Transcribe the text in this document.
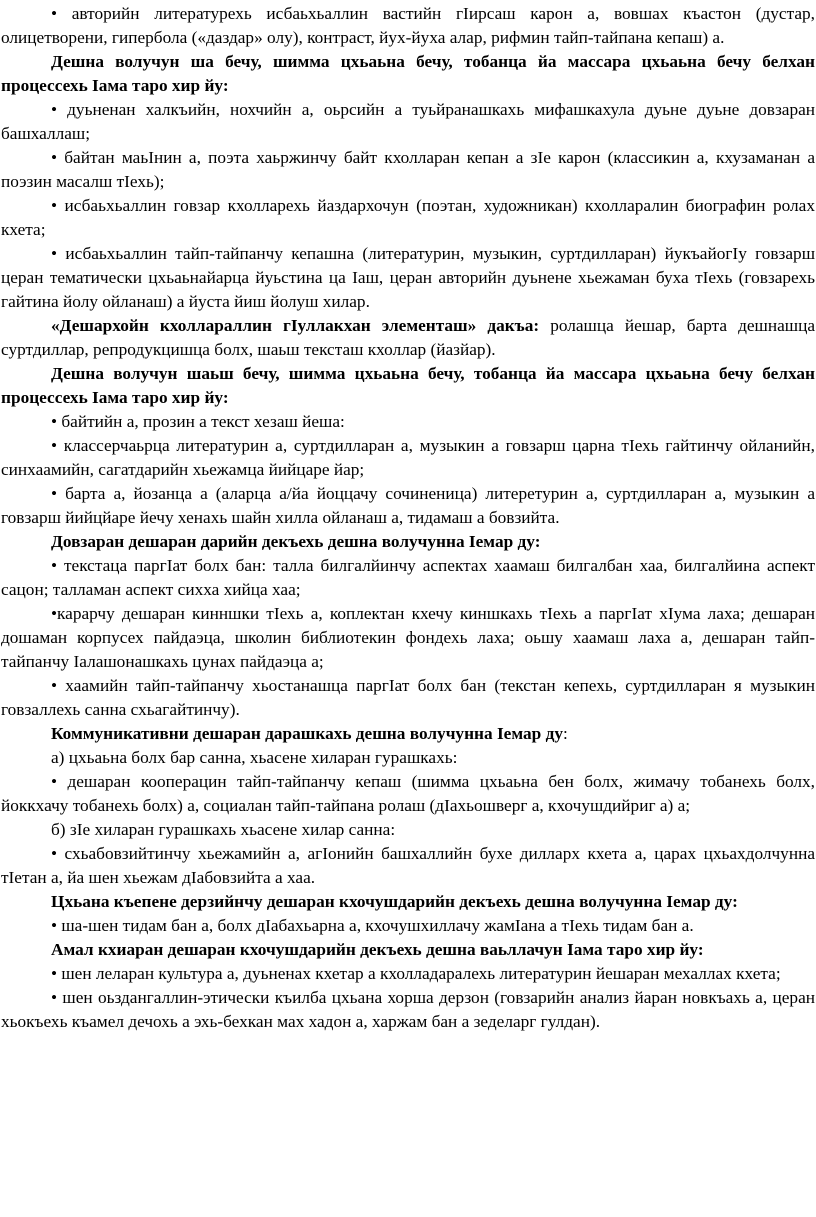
• авторийн литературехь исбаьхьаллин вастийн гӀирсаш карон а, вовшах къастон (дустар, олицетворени, гипербола («даздар» олу), контраст, йух-йуха алар, рифмин тайп-тайпана кепаш) а.

Дешна волучун ша бечу, шимма цхьаьна бечу, тобанца йа массара цхьаьна бечу белхан процессехь Ӏама таро хир йу:

• дуьненан халкъийн, нохчийн а, оьрсийн а туьйранашкахь мифашкахула дуьне дуьне довзаран башхаллаш;

• байтан маьӀнин а, поэта хаьржинчу байт кхолларан кепан а зӀе карон (классикин а, кхузаманан а поэзин масалш тӀехь);

• исбаьхьаллин говзар кхолларехь йаздархочун (поэтан, художникан) кхолларалин биографин ролах кхета;

• исбаьхьаллин тайп-тайпанчу кепашна (литературин, музыкин, суртдилларан) йукъайогӀу говзарш церан тематически цхьаьнайарца йуьстина ца Ӏаш, церан авторийн дуьнене хьежаман буха тӀехь (говзарехь гайтина йолу ойланаш) а йуста йиш йолуш хилар.

«Дешархойн кхоллараллин гӀуллакхан элементаш» дакъа: ролашца йешар, барта дешнашца суртдиллар, репродукцишца болх, шаьш тексташ кхоллар (йазйар).

Дешна волучун шаьш бечу, шимма цхьаьна бечу, тобанца йа массара цхьаьна бечу белхан процессехь Ӏама таро хир йу:

• байтийн а, прозин а текст хезаш йеша:

• классерчаьрца литературин а, суртдилларан а, музыкин а говзарш царна тӀехь гайтинчу ойланийн, синхаамийн, сагатдарийн хьежамца йийцаре йар;

• барта а, йозанца а (аларца а/йа йоццачу сочиненица) литеретурин а, суртдилларан а, музыкин а говзарш йийцйаре йечу хенахь шайн хилла ойланаш а, тидамаш а бовзийта.

Довзаран дешаран дарийн декъехь дешна волучунна Ӏемар ду:

• текстаца паргӀат болх бан: талла билгалйинчу аспектах хаамаш билгалбан хаа, билгалйина аспект сацон; талламан аспект сихха хийца хаа;

•карарчу дешаран кинншки тӀехь а, коплектан кхечу киншкахь тӀехь а паргӀат хӀума лаха; дешаран дошаман корпусех пайдаэца, школин библиотекин фондехь лаха; оьшу хаамаш лаха а, дешаран тайп-тайпанчу Ӏалашонашкахь цунах пайдаэца а;

• хаамийн тайп-тайпанчу хьостанашца паргӀат болх бан (текстан кепехь, суртдилларан я музыкин говзаллехь санна схьагайтинчу).

Коммуникативни дешаран дарашкахь дешна волучунна Ӏемар ду:

а) цхьаьна болх бар санна, хьасене хиларан гурашкахь:

• дешаран кооперацин тайп-тайпанчу кепаш (шимма цхьаьна бен болх, жимачу тобанехь болх, йоккхачу тобанехь болх) а, социалан тайп-тайпана ролаш (дӀахьошверг а, кхочушдийриг а) а;

б) зӀе хиларан гурашкахь хьасене хилар санна:

• схьабовзийтинчу хьежамийн а, агӀонийн башхаллийн бухе дилларх кхета а, царах цхьахдолчунна тӀетан а, йа шен хьежам дӀабовзийта а хаа.

Цхьана къепене дерзийнчу дешаран кхочушдарийн декъехь дешна волучунна Ӏемар ду:

• ша-шен тидам бан а, болх дӀабахьарна а, кхочушхиллачу жамӀана а тӀехь тидам бан а.

Амал кхиаран дешаран кхочушдарийн декъехь дешна ваьллачун Ӏама таро хир йу:

• шен леларан культура а, дуьненах кхетар а кхолладаралехь литературин йешаран мехаллах кхета;

• шен оьздангаллин-этически къилба цхьана хорша дерзон (говзарийн анализ йаран новкъахь а, церан хьокъехь къамел дечохь а эхь-бехкан мах хадон а, харжам бан а зеделарг гулдан).
